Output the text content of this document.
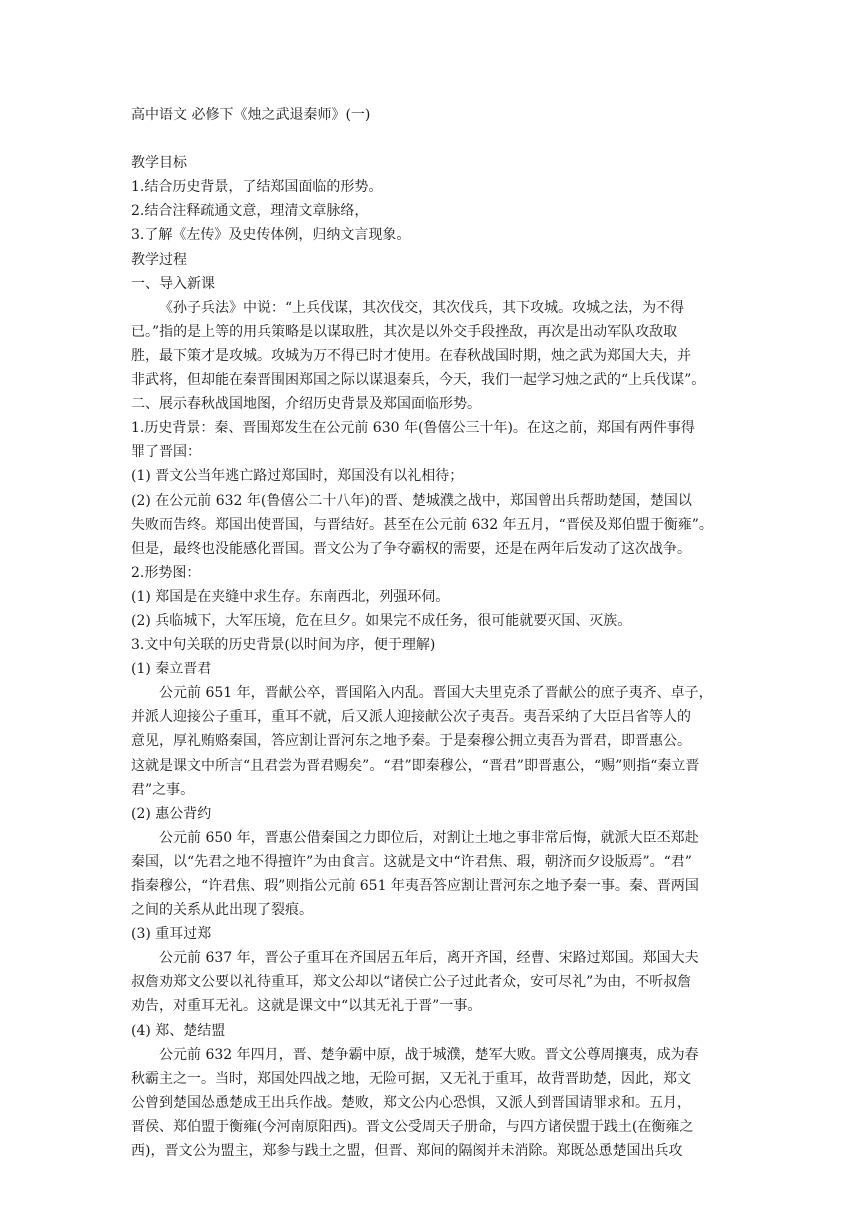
高中语文 必修下《烛之武退秦师》(一)
教学目标
1.结合历史背景，了结郑国面临的形势。
2.结合注释疏通文意，理清文章脉络，
3.了解《左传》及史传体例，归纳文言现象。
教学过程
一、导入新课
《孙子兵法》中说：“上兵伐谋，其次伐交，其次伐兵，其下攻城。攻城之法，为不得
已。”指的是上等的用兵策略是以谋取胜，其次是以外交手段挫敌，再次是出动军队攻敌取
胜，最下策才是攻城。攻城为万不得已时才使用。在春秋战国时期，烛之武为郑国大夫，并
非武将，但却能在秦晋围困郑国之际以谋退秦兵，今天，我们一起学习烛之武的“上兵伐谋”。
二、展示春秋战国地图，介绍历史背景及郑国面临形势。
1.历史背景：秦、晋围郑发生在公元前 630 年(鲁僖公三十年)。在这之前，郑国有两件事得
罪了晋国：
(1) 晋文公当年逃亡路过郑国时，郑国没有以礼相待；
(2) 在公元前 632 年(鲁僖公二十八年)的晋、楚城濮之战中，郑国曾出兵帮助楚国，楚国以
失败而告终。郑国出使晋国，与晋结好。甚至在公元前 632 年五月，“晋侯及郑伯盟于衡雍”。
但是，最终也没能感化晋国。晋文公为了争夺霸权的需要，还是在两年后发动了这次战争。
2.形势图：
(1) 郑国是在夹缝中求生存。东南西北，列强环伺。
(2) 兵临城下，大军压境，危在旦夕。如果完不成任务，很可能就要灭国、灭族。
3.文中句关联的历史背景(以时间为序，便于理解)
(1) 秦立晋君
公元前 651 年，晋献公卒，晋国陷入内乱。晋国大夫里克杀了晋献公的庶子夷齐、卓子，
并派人迎接公子重耳，重耳不就，后又派人迎接献公次子夷吾。夷吾采纳了大臣吕省等人的
意见，厚礼贿赂秦国，答应割让晋河东之地予秦。于是秦穆公拥立夷吾为晋君，即晋惠公。
这就是课文中所言“且君尝为晋君赐矣”。“君”即秦穆公，“晋君”即晋惠公，“赐”则指“秦立晋
君”之事。
(2) 惠公背约
公元前 650 年，晋惠公借秦国之力即位后，对割让土地之事非常后悔，就派大臣丕郑赴
秦国，以“先君之地不得擅许”为由食言。这就是文中“许君焦、瑕，朝济而夕设版焉”。“君”
指秦穆公，“许君焦、瑕”则指公元前 651 年夷吾答应割让晋河东之地予秦一事。秦、晋两国
之间的关系从此出现了裂痕。
(3) 重耳过郑
公元前 637 年，晋公子重耳在齐国居五年后，离开齐国，经曹、宋路过郑国。郑国大夫
叔詹劝郑文公要以礼待重耳，郑文公却以“诸侯亡公子过此者众，安可尽礼”为由，不听叔詹
劝告，对重耳无礼。这就是课文中“以其无礼于晋”一事。
(4) 郑、楚结盟
公元前 632 年四月，晋、楚争霸中原，战于城濮，楚军大败。晋文公尊周攘夷，成为春
秋霸主之一。当时，郑国处四战之地，无险可据，又无礼于重耳，故背晋助楚，因此，郑文
公曾到楚国怂恿楚成王出兵作战。楚败，郑文公内心恐惧，又派人到晋国请罪求和。五月，
晋侯、郑伯盟于衡雍(今河南原阳西)。晋文公受周天子册命，与四方诸侯盟于践土(在衡雍之
西)，晋文公为盟主，郑参与践土之盟，但晋、郑间的隔阂并未消除。郑既怂恿楚国出兵攻
